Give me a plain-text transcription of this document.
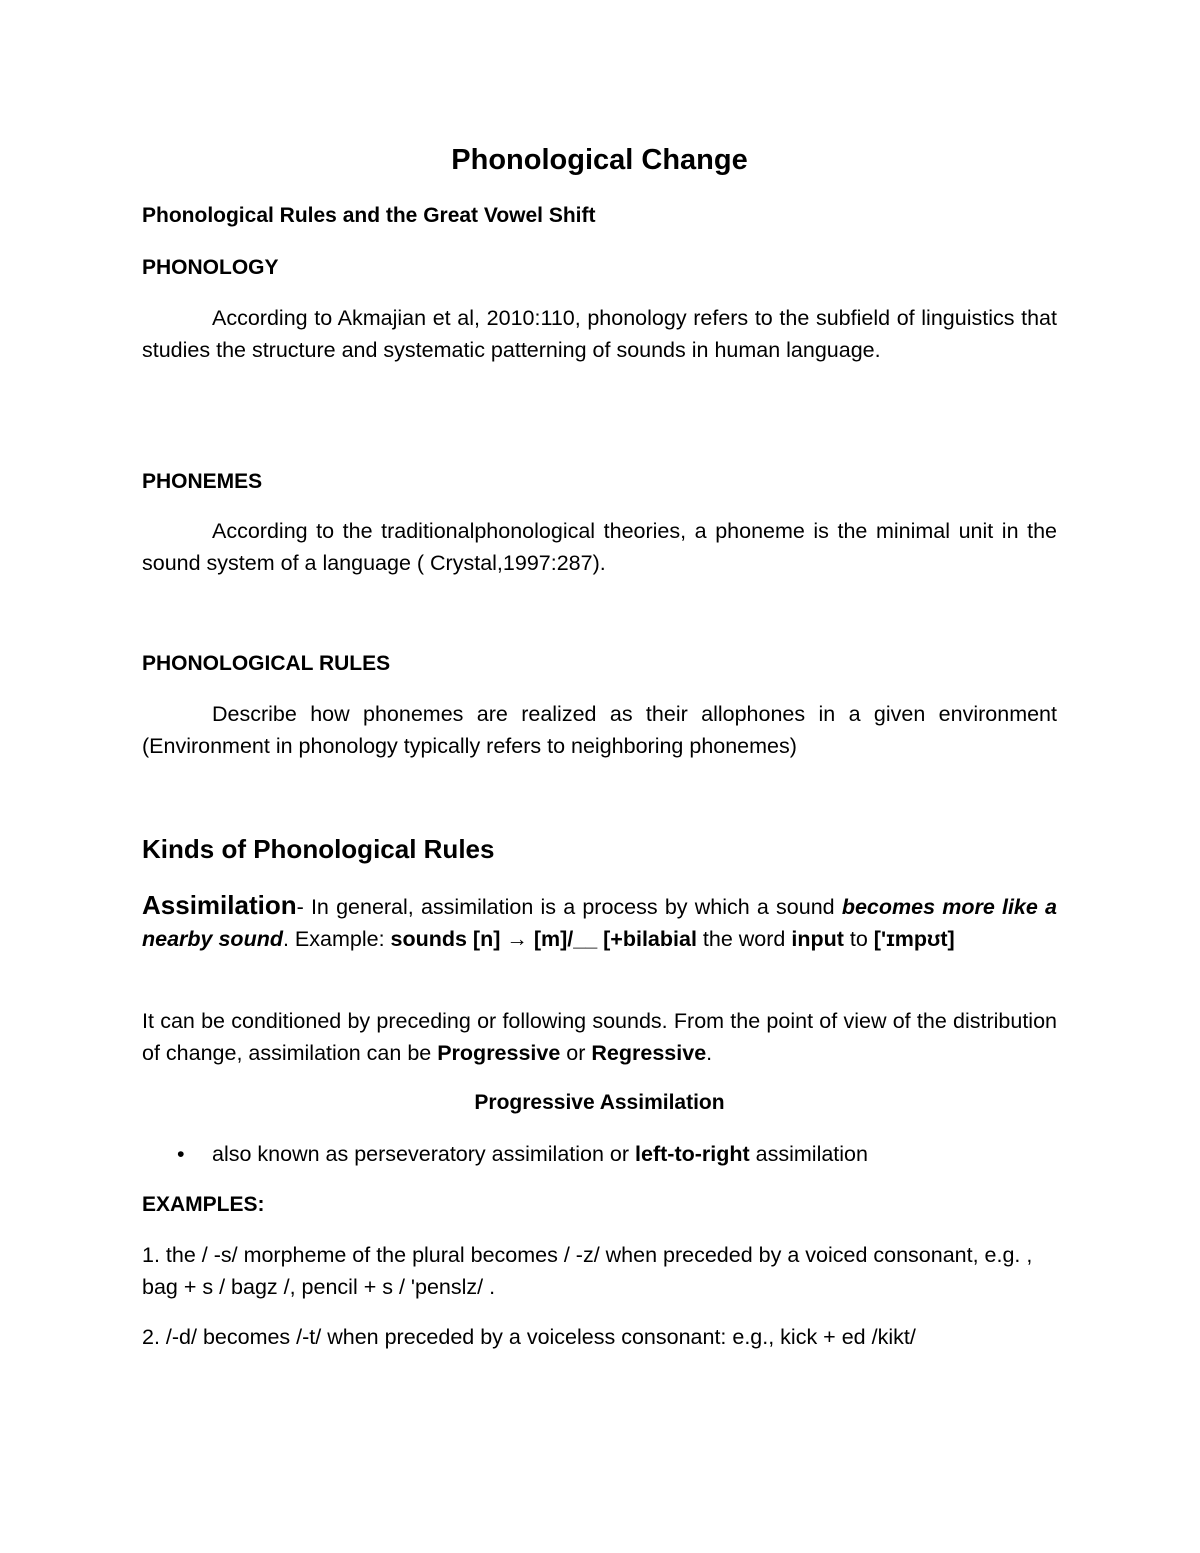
Phonological Change

Phonological Rules and the Great Vowel Shift

PHONOLOGY

According to Akmajian et al, 2010:110, phonology refers to the subfield of linguistics that studies the structure and systematic patterning of sounds in human language.

PHONEMES

According to the traditionalphonological theories, a phoneme is the minimal unit in the sound system of a language ( Crystal,1997:287).

PHONOLOGICAL RULES

Describe how phonemes are realized as their allophones in a given environment (Environment in phonology typically refers to neighboring phonemes)

Kinds of Phonological Rules

Assimilation- In general, assimilation is a process by which a sound becomes more like a nearby sound. Example: sounds [n] → [m]/__ [+bilabial the word input to ['ɪmpʊt]

It can be conditioned by preceding or following sounds. From the point of view of the distribution of change, assimilation can be Progressive or Regressive.

Progressive Assimilation

• also known as perseveratory assimilation or left-to-right assimilation

EXAMPLES:

1. the / -s/ morpheme of the plural becomes / -z/ when preceded by a voiced consonant, e.g. , bag + s / bagz /, pencil + s / 'penslz/ .

2. /-d/ becomes /-t/ when preceded by a voiceless consonant: e.g., kick + ed /kikt/
